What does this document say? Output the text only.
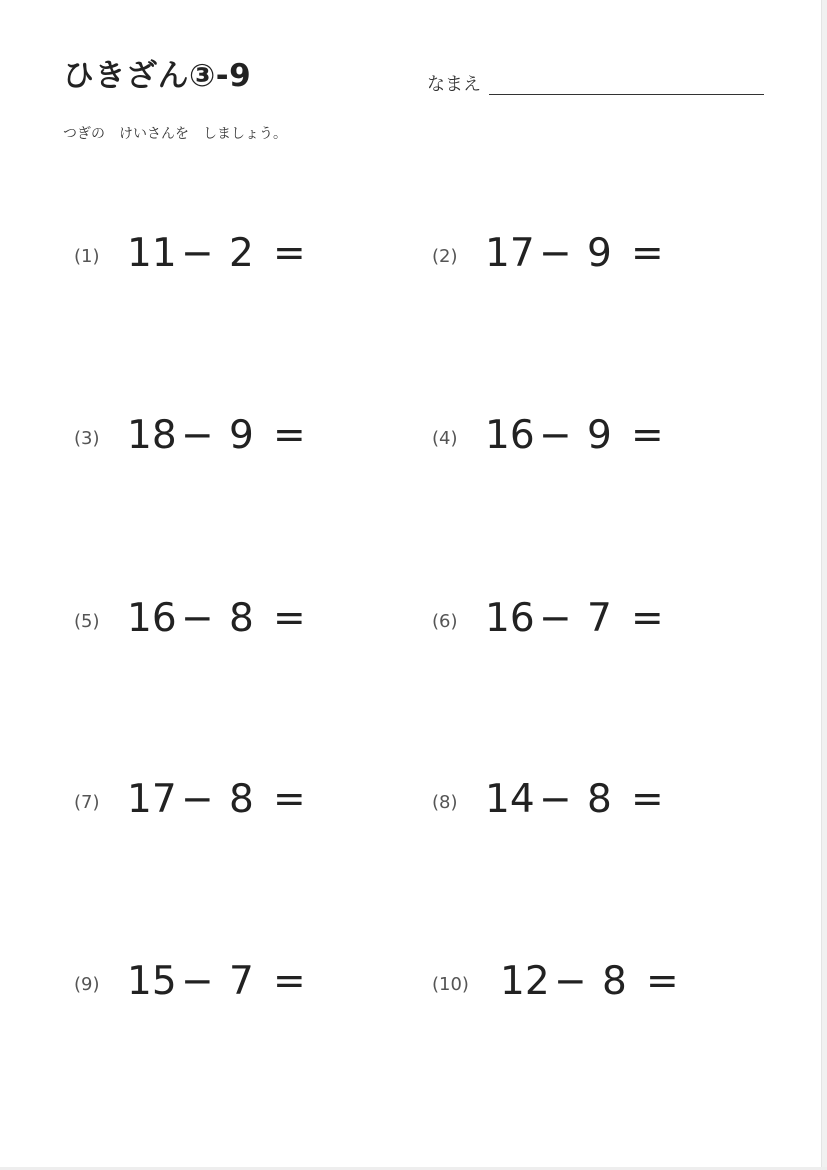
ひきざん③-9	なまえ
つぎの　けいさんを　しましょう。
(1) 11 − 2 =	(2) 17 − 9 =
(3) 18 − 9 =	(4) 16 − 9 =
(5) 16 − 8 =	(6) 16 − 7 =
(7) 17 − 8 =	(8) 14 − 8 =
(9) 15 − 7 =	(10) 12 − 8 =
